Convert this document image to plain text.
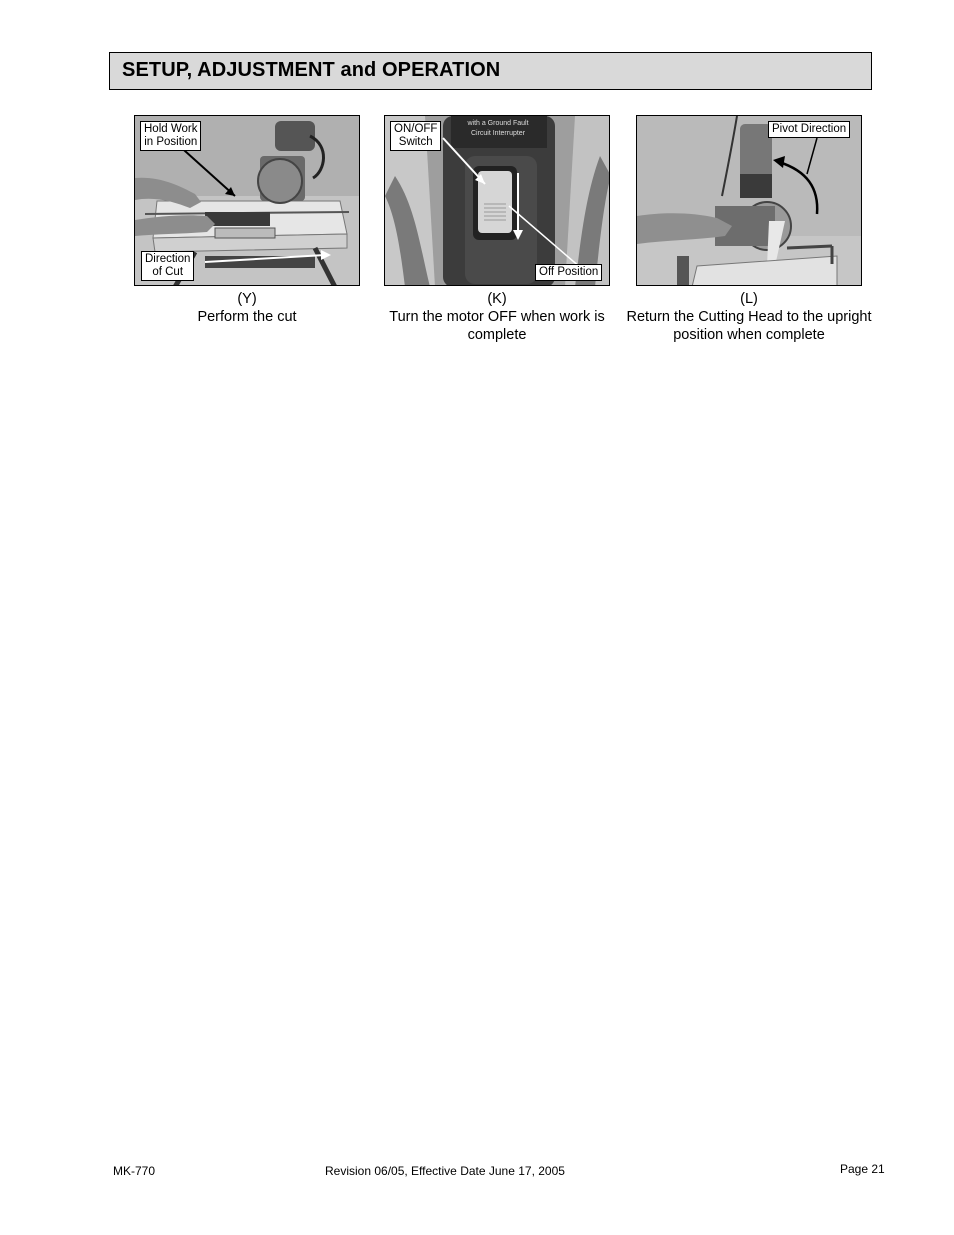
SETUP, ADJUSTMENT and OPERATION
Hold Work
in Position
Direction
of Cut
(Y)
Perform the cut
with a Ground Fault
Circuit Interrupter
ON/OFF
Switch
Off Position
(K)
Turn the motor OFF when work is complete
Pivot Direction
(L)
Return the Cutting Head to the upright position when complete
MK-770	Revision 06/05, Effective Date June 17, 2005	Page 21
